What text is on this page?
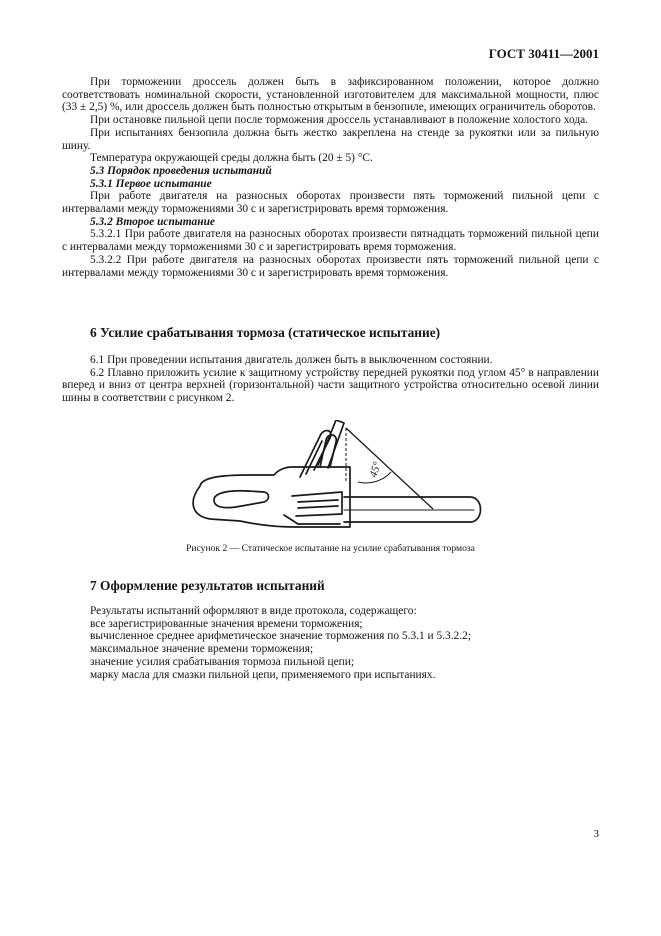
ГОСТ 30411—2001

При торможении дроссель должен быть в зафиксированном положении, которое должно соответствовать номинальной скорости, установленной изготовителем для максимальной мощности, плюс (33 ± 2,5) %, или дроссель должен быть полностью открытым в бензопиле, имеющих ограничитель оборотов.

При остановке пильной цепи после торможения дроссель устанавливают в положение холостого хода.

При испытаниях бензопила должна быть жестко закреплена на стенде за рукоятки или за пильную шину.

Температура окружающей среды должна быть (20 ± 5) °С.

5.3 Порядок проведения испытаний

5.3.1 Первое испытание

При работе двигателя на разносных оборотах произвести пять торможений пильной цепи с интервалами между торможениями 30 с и зарегистрировать время торможения.

5.3.2 Второе испытание

5.3.2.1 При работе двигателя на разносных оборотах произвести пятнадцать торможений пильной цепи с интервалами между торможениями 30 с и зарегистрировать время торможения.

5.3.2.2 При работе двигателя на разносных оборотах произвести пять торможений пильной цепи с интервалами между торможениями 30 с и зарегистрировать время торможения.

6 Усилие срабатывания тормоза (статическое испытание)

6.1 При проведении испытания двигатель должен быть в выключенном состоянии.

6.2 Плавно приложить усилие к защитному устройству передней рукоятки под углом 45° в направлении вперед и вниз от центра верхней (горизонтальной) части защитного устройства относительно осевой линии шины в соответствии с рисунком 2.

45°
Рисунок 2 — Статическое испытание на усилие срабатывания тормоза
7 Оформление результатов испытаний

Результаты испытаний оформляют в виде протокола, содержащего:

все зарегистрированные значения времени торможения;

вычисленное среднее арифметическое значение торможения по 5.3.1 и 5.3.2.2;

максимальное значение времени торможения;

значение усилия срабатывания тормоза пильной цепи;

марку масла для смазки пильной цепи, применяемого при испытаниях.

3
